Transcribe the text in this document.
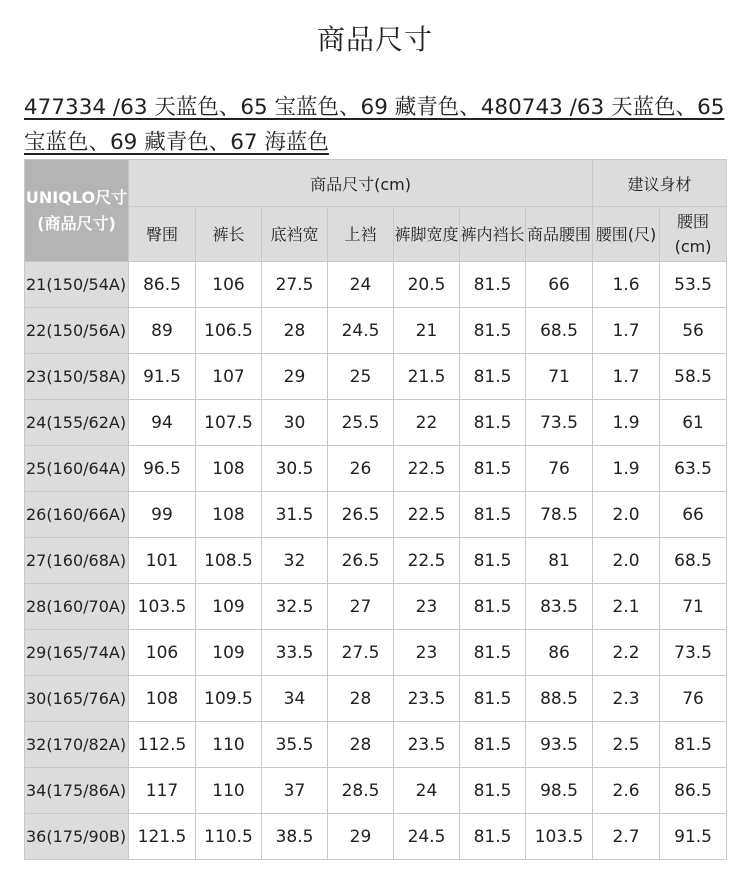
商品尺寸
477334 /63 天蓝色、65 宝蓝色、69 藏青色、480743 /63 天蓝色、65 宝蓝色、69 藏青色、67 海蓝色
UNIQLO尺寸(商品尺寸)	商品尺寸(cm)							建议身材	
	臀围	裤长	底裆宽	上裆	裤脚宽度	裤内裆长	商品腰围	腰围(尺)	腰围(cm)
21(150/54A)	86.5	106	27.5	24	20.5	81.5	66	1.6	53.5
22(150/56A)	89	106.5	28	24.5	21	81.5	68.5	1.7	56
23(150/58A)	91.5	107	29	25	21.5	81.5	71	1.7	58.5
24(155/62A)	94	107.5	30	25.5	22	81.5	73.5	1.9	61
25(160/64A)	96.5	108	30.5	26	22.5	81.5	76	1.9	63.5
26(160/66A)	99	108	31.5	26.5	22.5	81.5	78.5	2.0	66
27(160/68A)	101	108.5	32	26.5	22.5	81.5	81	2.0	68.5
28(160/70A)	103.5	109	32.5	27	23	81.5	83.5	2.1	71
29(165/74A)	106	109	33.5	27.5	23	81.5	86	2.2	73.5
30(165/76A)	108	109.5	34	28	23.5	81.5	88.5	2.3	76
32(170/82A)	112.5	110	35.5	28	23.5	81.5	93.5	2.5	81.5
34(175/86A)	117	110	37	28.5	24	81.5	98.5	2.6	86.5
36(175/90B)	121.5	110.5	38.5	29	24.5	81.5	103.5	2.7	91.5
